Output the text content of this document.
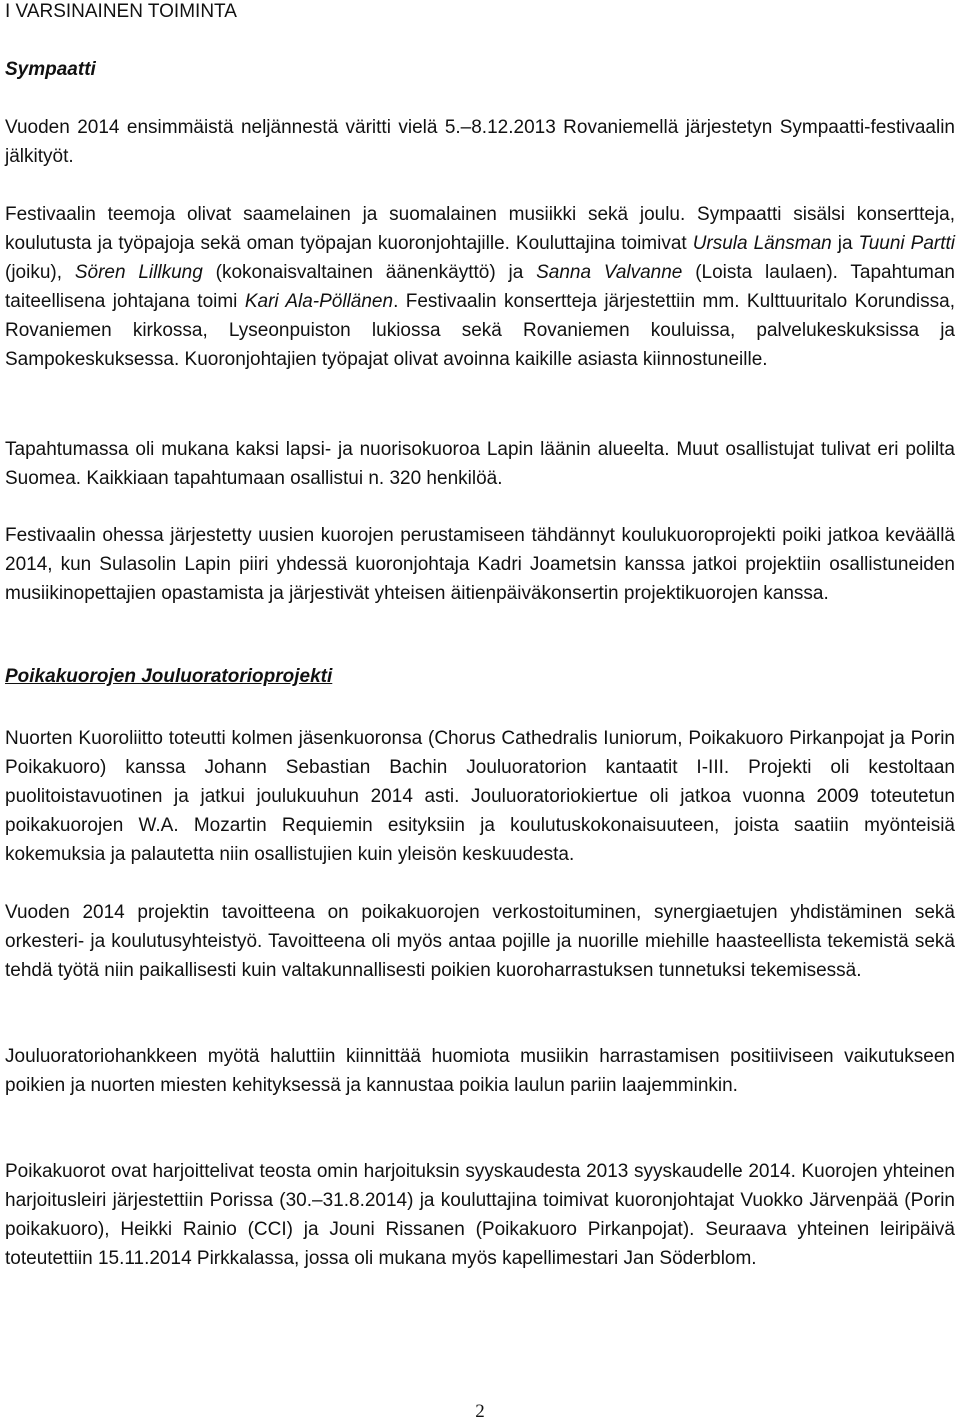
I VARSINAINEN TOIMINTA
Sympaatti

Vuoden 2014 ensimmäistä neljännestä väritti vielä 5.–8.12.2013 Rovaniemellä järjestetyn Sympaatti-festivaalin jälkityöt.

Festivaalin teemoja olivat saamelainen ja suomalainen musiikki sekä joulu. Sympaatti sisälsi konsertteja, koulutusta ja työpajoja sekä oman työpajan kuoronjohtajille. Kouluttajina toimivat Ursula Länsman ja Tuuni Partti (joiku), Sören Lillkung (kokonaisvaltainen äänenkäyttö) ja Sanna Valvanne (Loista laulaen). Tapahtuman taiteellisena johtajana toimi Kari Ala-Pöllänen. Festivaalin konsertteja järjestettiin mm. Kulttuuritalo Korundissa, Rovaniemen kirkossa, Lyseonpuiston lukiossa sekä Rovaniemen kouluissa, palvelukeskuksissa ja Sampokeskuksessa. Kuoronjohtajien työpajat olivat avoinna kaikille asiasta kiinnostuneille.

Tapahtumassa oli mukana kaksi lapsi- ja nuorisokuoroa Lapin läänin alueelta. Muut osallistujat tulivat eri polilta Suomea. Kaikkiaan tapahtumaan osallistui n. 320 henkilöä.

Festivaalin ohessa järjestetty uusien kuorojen perustamiseen tähdännyt koulukuoroprojekti poiki jatkoa keväällä 2014, kun Sulasolin Lapin piiri yhdessä kuoronjohtaja Kadri Joametsin kanssa jatkoi projektiin osallistuneiden musiikinopettajien opastamista ja järjestivät yhteisen äitienpäiväkonsertin projektikuorojen kanssa.

Poikakuorojen Jouluoratorioprojekti

Nuorten Kuoroliitto toteutti kolmen jäsenkuoronsa (Chorus Cathedralis Iuniorum, Poikakuoro Pirkanpojat ja Porin Poikakuoro) kanssa Johann Sebastian Bachin Jouluoratorion kantaatit I-III. Projekti oli kestoltaan puolitoistavuotinen ja jatkui joulukuuhun 2014 asti. Jouluoratoriokiertue oli jatkoa vuonna 2009 toteutetun poikakuorojen W.A. Mozartin Requiemin esityksiin ja koulutuskokonaisuuteen, joista saatiin myönteisiä kokemuksia ja palautetta niin osallistujien kuin yleisön keskuudesta.

Vuoden 2014 projektin tavoitteena on poikakuorojen verkostoituminen, synergiaetujen yhdistäminen sekä orkesteri- ja koulutusyhteistyö. Tavoitteena oli myös antaa pojille ja nuorille miehille haasteellista tekemistä sekä tehdä työtä niin paikallisesti kuin valtakunnallisesti poikien kuoroharrastuksen tunnetuksi tekemisessä.

Jouluoratoriohankkeen myötä haluttiin kiinnittää huomiota musiikin harrastamisen positiiviseen vaikutukseen poikien ja nuorten miesten kehityksessä ja kannustaa poikia laulun pariin laajemminkin.

Poikakuorot ovat harjoittelivat teosta omin harjoituksin syyskaudesta 2013 syyskaudelle 2014. Kuorojen yhteinen harjoitusleiri järjestettiin Porissa (30.–31.8.2014) ja kouluttajina toimivat kuoronjohtajat Vuokko Järvenpää (Porin poikakuoro), Heikki Rainio (CCI) ja Jouni Rissanen (Poikakuoro Pirkanpojat). Seuraava yhteinen leiripäivä toteutettiin 15.11.2014 Pirkkalassa, jossa oli mukana myös kapellimestari Jan Söderblom.

2
